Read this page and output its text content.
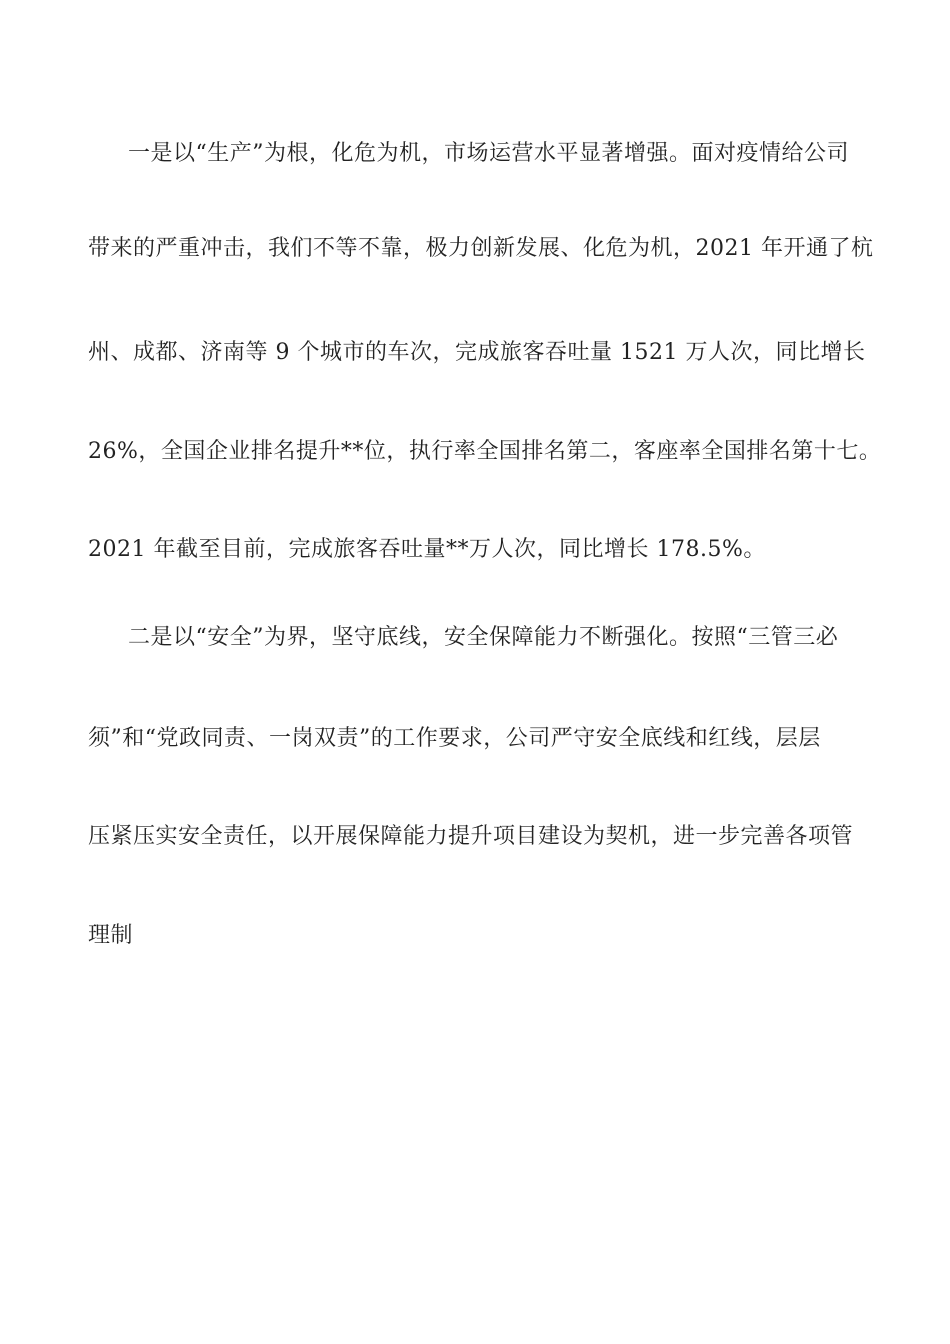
一是以“生产”为根，化危为机，市场运营水平显著增强。面对疫情给公司
带来的严重冲击，我们不等不靠，极力创新发展、化危为机，2021 年开通了杭
州、成都、济南等 9 个城市的车次，完成旅客吞吐量 1521 万人次，同比增长
26%，全国企业排名提升**位，执行率全国排名第二，客座率全国排名第十七。
2021 年截至目前，完成旅客吞吐量**万人次，同比增长 178.5%。
二是以“安全”为界，坚守底线，安全保障能力不断强化。按照“三管三必
须”和“党政同责、一岗双责”的工作要求，公司严守安全底线和红线，层层
压紧压实安全责任，以开展保障能力提升项目建设为契机，进一步完善各项管
理制
